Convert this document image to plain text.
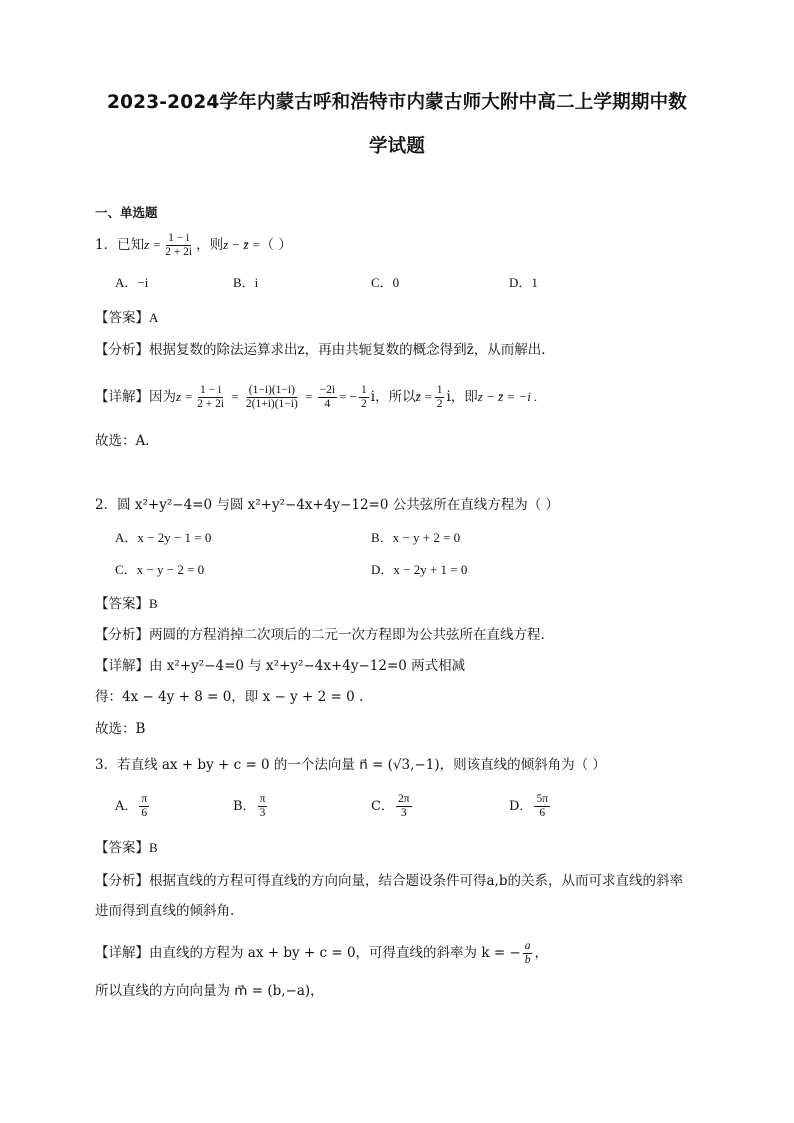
2023-2024学年内蒙古呼和浩特市内蒙古师大附中高二上学期期中数
学试题
一、单选题
1．已知$z = \frac{1 - i}{2 + 2i}$ ，则z − z̄ =（ ）
A．−i	B．i	C．0	D．1
【答案】A
【分析】根据复数的除法运算求出z，再由共轭复数的概念得到z̄，从而解出.
【详解】因为$z = \frac{1 - i}{2 + 2i} = \frac{(1-i)(1-i)}{2(1+i)(1-i)} = \frac{-2i}{4}$ = − $\frac{1}{2}$ i，所以z̄ = $\frac{1}{2}$ i，即z − z̄ = −i .
故选：A.
2．圆 x²+y²−4=0 与圆 x²+y²−4x+4y−12=0 公共弦所在直线方程为（ ）
A．x − 2y − 1 = 0	B．x − y + 2 = 0
C．x − y − 2 = 0	D．x − 2y + 1 = 0
【答案】B
【分析】两圆的方程消掉二次项后的二元一次方程即为公共弦所在直线方程.
【详解】由 x²+y²−4=0 与 x²+y²−4x+4y−12=0 两式相减
得：4x − 4y + 8 = 0，即 x − y + 2 = 0 .
故选：B
3．若直线 ax + by + c = 0 的一个法向量 n⃗ = (√3,−1)，则该直线的倾斜角为（ ）
A． $\frac{\pi}{6}$	B． $\frac{\pi}{3}$	C． $\frac{2\pi}{3}$	D． $\frac{5\pi}{6}$
【答案】B
【分析】根据直线的方程可得直线的方向向量，结合题设条件可得a,b的关系，从而可求直线的斜率
进而得到直线的倾斜角.
【详解】由直线的方程为 ax + by + c = 0，可得直线的斜率为 k = − $\frac{a}{b}$ ，
所以直线的方向向量为 m⃗ = (b,−a)，
